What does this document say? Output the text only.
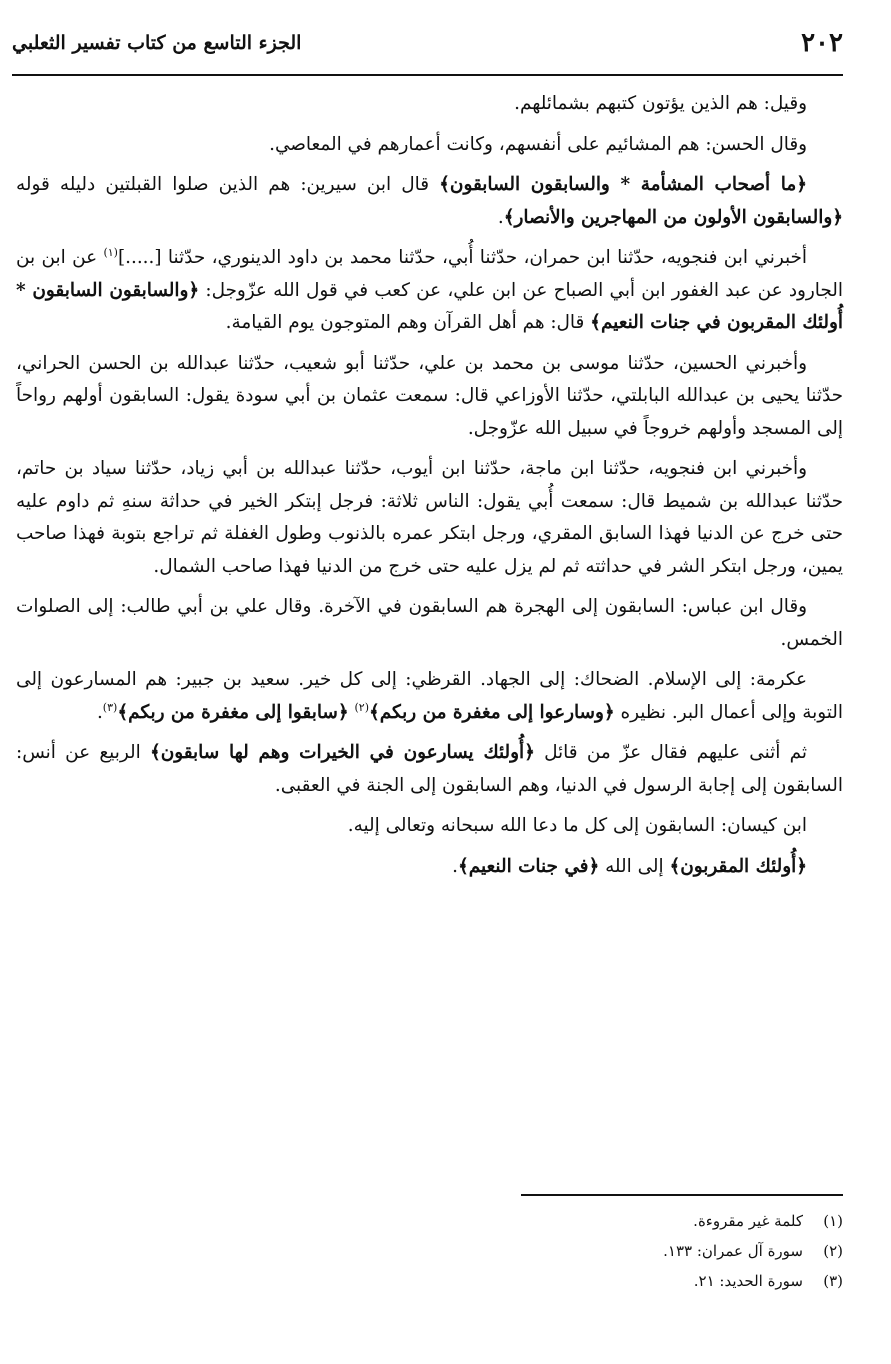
٢٠٢
الجزء التاسع من كتاب تفسير الثعلبي

وقيل: هم الذين يؤتون كتبهم بشمائلهم.

وقال الحسن: هم المشائيم على أنفسهم، وكانت أعمارهم في المعاصي.

﴿ما أصحاب المشأمة * والسابقون السابقون﴾ قال ابن سيرين: هم الذين صلوا القبلتين دليله قوله ﴿والسابقون الأولون من المهاجرين والأنصار﴾.

أخبرني ابن فنجويه، حدّثنا ابن حمران، حدّثنا أُبي، حدّثنا محمد بن داود الدينوري، حدّثنا [.....]$^{(١)}$ عن ابن بن الجارود عن عبد الغفور ابن أبي الصباح عن ابن علي، عن كعب في قول الله عزّوجل: ﴿والسابقون السابقون * أُولئك المقربون في جنات النعيم﴾ قال: هم أهل القرآن وهم المتوجون يوم القيامة.

وأخبرني الحسين، حدّثنا موسى بن محمد بن علي، حدّثنا أبو شعيب، حدّثنا عبدالله بن الحسن الحراني، حدّثنا يحيى بن عبدالله البابلتي، حدّثنا الأوزاعي قال: سمعت عثمان بن أبي سودة يقول: السابقون أولهم رواحاً إلى المسجد وأولهم خروجاً في سبيل الله عزّوجل.

وأخبرني ابن فنجويه، حدّثنا ابن ماجة، حدّثنا ابن أيوب، حدّثنا عبدالله بن أبي زياد، حدّثنا سياد بن حاتم، حدّثنا عبدالله بن شميط قال: سمعت أُبي يقول: الناس ثلاثة: فرجل إبتكر الخير في حداثة سنهِ ثم داوم عليه حتى خرج عن الدنيا فهذا السابق المقري، ورجل ابتكر عمره بالذنوب وطول الغفلة ثم تراجع بتوبة فهذا صاحب يمين، ورجل ابتكر الشر في حداثته ثم لم يزل عليه حتى خرج من الدنيا فهذا صاحب الشمال.

وقال ابن عباس: السابقون إلى الهجرة هم السابقون في الآخرة. وقال علي بن أبي طالب: إلى الصلوات الخمس.

عكرمة: إلى الإسلام. الضحاك: إلى الجهاد. القرظي: إلى كل خير. سعيد بن جبير: هم المسارعون إلى التوبة وإلى أعمال البر. نظيره ﴿وسارعوا إلى مغفرة من ربكم﴾$^{(٢)}$ ﴿سابقوا إلى مغفرة من ربكم﴾$^{(٣)}$.

ثم أثنى عليهم فقال عزّ من قائل ﴿أُولئك يسارعون في الخيرات وهم لها سابقون﴾ الربيع عن أنس: السابقون إلى إجابة الرسول في الدنيا، وهم السابقون إلى الجنة في العقبى.

ابن كيسان: السابقون إلى كل ما دعا الله سبحانه وتعالى إليه.

﴿أُولئك المقربون﴾ إلى الله ﴿في جنات النعيم﴾.

(١)كلمة غير مقروءة.
(٢)سورة آل عمران: ١٣٣.
(٣)سورة الحديد: ٢١.
